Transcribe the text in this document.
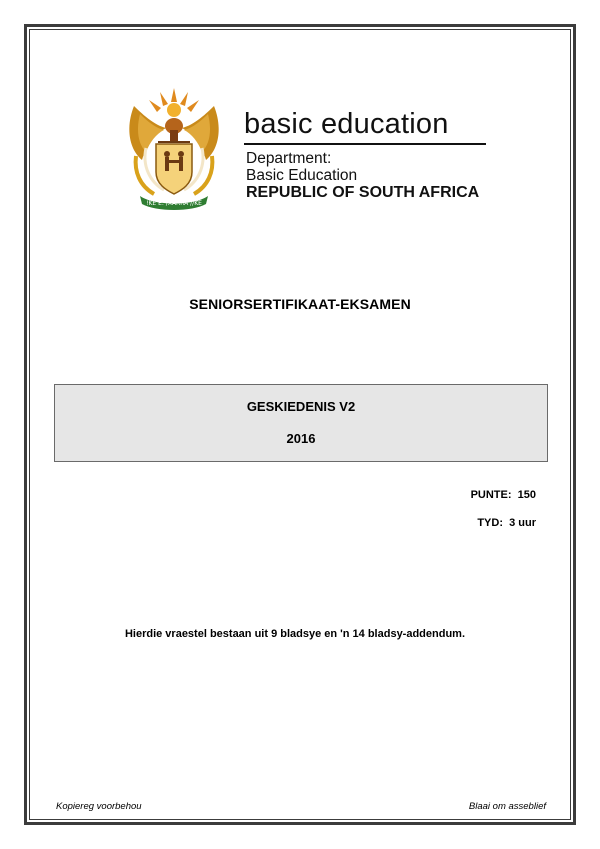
!KE E: /XARRA //KE
basic education
Department:
Basic Education
REPUBLIC OF SOUTH AFRICA
SENIORSERTIFIKAAT-EKSAMEN
GESKIEDENIS V2
2016
PUNTE:  150
TYD:  3 uur
Hierdie vraestel bestaan uit 9 bladsye en 'n 14 bladsy-addendum.
Kopiereg voorbehou	Blaai om asseblief
